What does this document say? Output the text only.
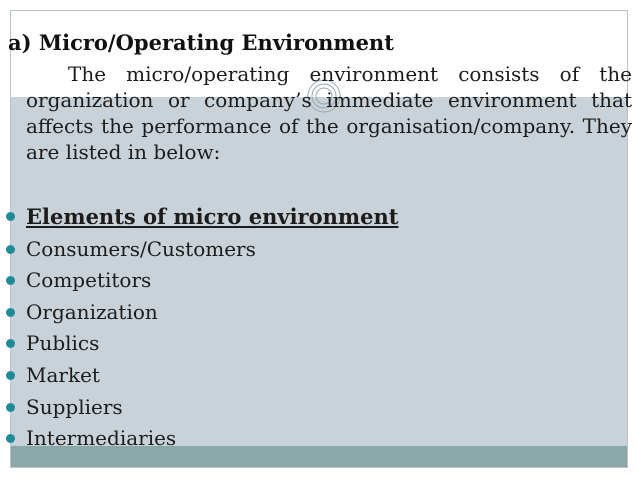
a) Micro/Operating Environment
The micro/operating environment consists of the organization or company’s immediate environment that affects the performance of the organisation/company. They are listed in below:
Elements of micro environment
Consumers/Customers
Competitors
Organization
Publics
Market
Suppliers
Intermediaries
